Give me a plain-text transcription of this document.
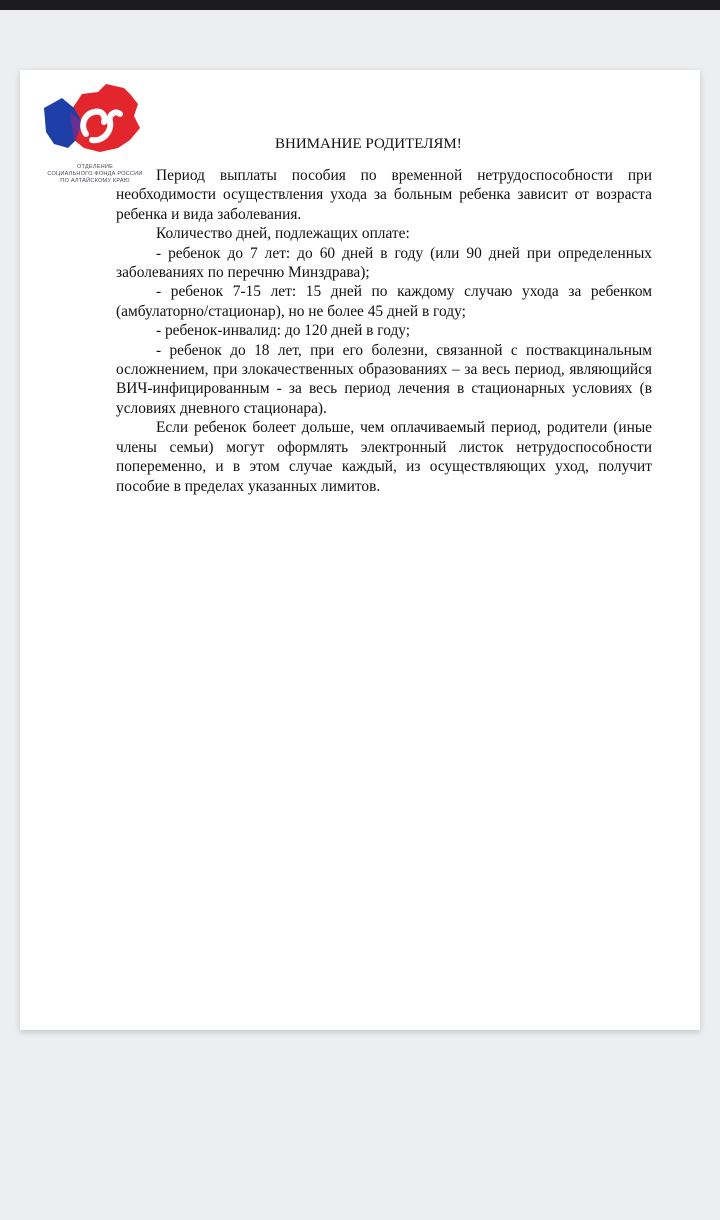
ОТДЕЛЕНИЕ
СОЦИАЛЬНОГО ФОНДА РОССИИ
ПО АЛТАЙСКОМУ КРАЮ
ВНИМАНИЕ РОДИТЕЛЯМ!

Период выплаты пособия по временной нетрудоспособности при необходимости осуществления ухода за больным ребенка зависит от возраста ребенка и вида заболевания.

Количество дней, подлежащих оплате:

- ребенок до 7 лет: до 60 дней в году (или 90 дней при определенных заболеваниях по перечню Минздрава);

- ребенок 7-15 лет: 15 дней по каждому случаю ухода за ребенком (амбулаторно/стационар), но не более 45 дней в году;

- ребенок-инвалид: до 120 дней в году;

- ребенок до 18 лет, при его болезни, связанной с поствакцинальным осложнением, при злокачественных образованиях – за весь период, являющийся ВИЧ-инфицированным - за весь период лечения в стационарных условиях (в условиях дневного стационара).

Если ребенок болеет дольше, чем оплачиваемый период, родители (иные члены семьи) могут оформлять электронный листок нетрудоспособности попеременно, и в этом случае каждый, из осуществляющих уход, получит пособие в пределах указанных лимитов.
